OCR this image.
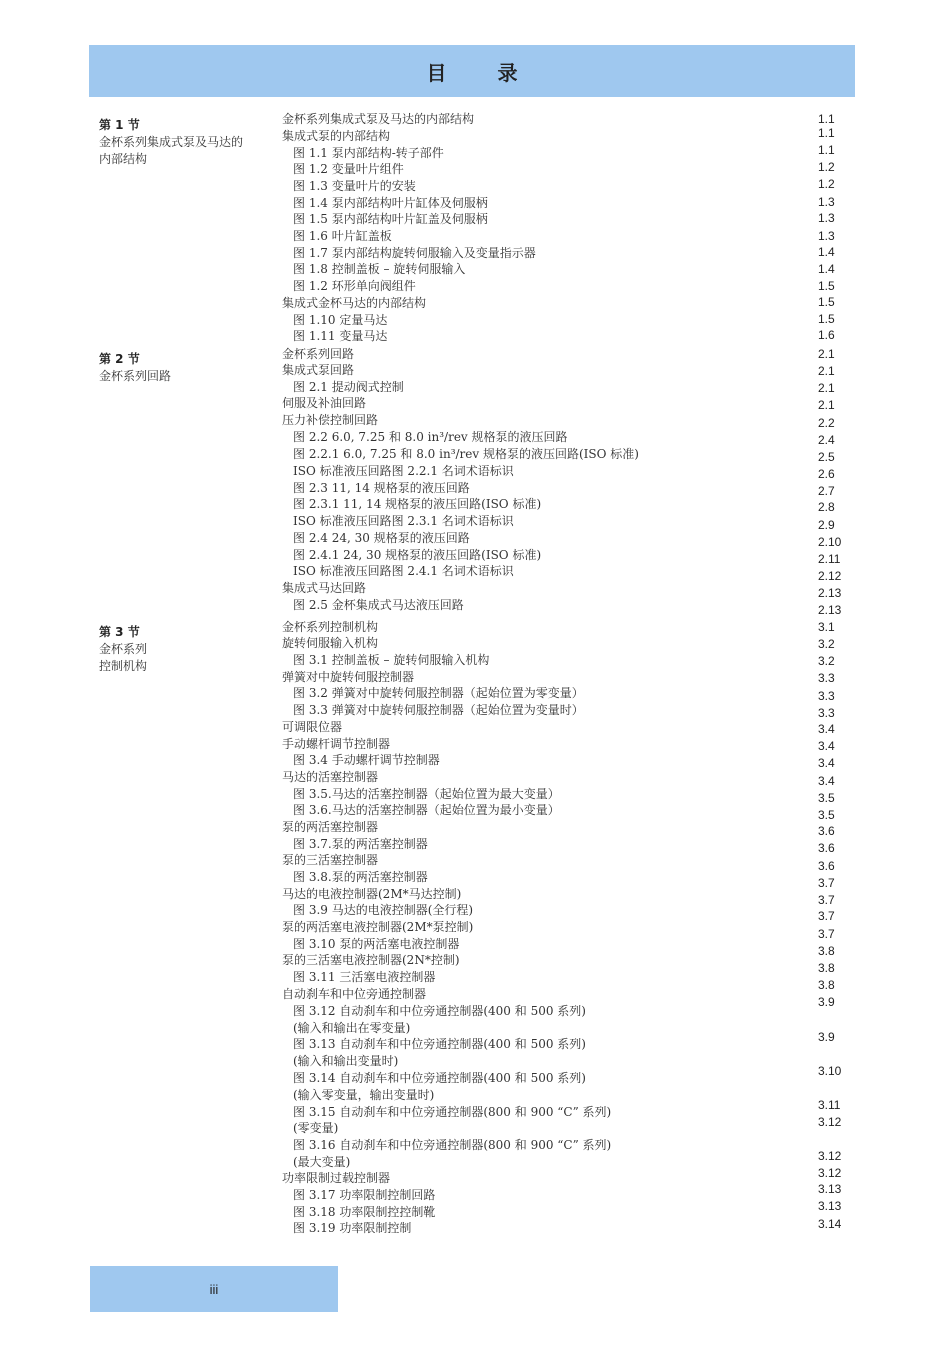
目 录
第 1 节
金杯系列集成式泵及马达的内部结构
第 2 节
金杯系列回路
第 3 节
金杯系列
控制机构
金杯系列集成式泵及马达的内部结构
集成式泵的内部结构
图 1.1 泵内部结构-转子部件
图 1.2 变量叶片组件
图 1.3 变量叶片的安装
图 1.4 泵内部结构叶片缸体及伺服柄
图 1.5 泵内部结构叶片缸盖及伺服柄
图 1.6 叶片缸盖板
图 1.7 泵内部结构旋转伺服输入及变量指示器
图 1.8 控制盖板 – 旋转伺服输入
图 1.2 环形单向阀组件
集成式金杯马达的内部结构
图 1.10 定量马达
图 1.11 变量马达
金杯系列回路
集成式泵回路
图 2.1 提动阀式控制
伺服及补油回路
压力补偿控制回路
图 2.2 6.0, 7.25 和 8.0 in³/rev 规格泵的液压回路
图 2.2.1 6.0, 7.25 和 8.0 in³/rev 规格泵的液压回路(ISO 标准)
ISO 标准液压回路图 2.2.1 名词术语标识
图 2.3 11, 14 规格泵的液压回路
图 2.3.1 11, 14 规格泵的液压回路(ISO 标准)
ISO 标准液压回路图 2.3.1 名词术语标识
图 2.4 24, 30 规格泵的液压回路
图 2.4.1 24, 30 规格泵的液压回路(ISO 标准)
ISO 标准液压回路图 2.4.1 名词术语标识
集成式马达回路
图 2.5 金杯集成式马达液压回路
金杯系列控制机构
旋转伺服输入机构
图 3.1 控制盖板 – 旋转伺服输入机构
弹簧对中旋转伺服控制器
图 3.2 弹簧对中旋转伺服控制器（起始位置为零变量）
图 3.3 弹簧对中旋转伺服控制器（起始位置为变量时）
可调限位器
手动螺杆调节控制器
图 3.4 手动螺杆调节控制器
马达的活塞控制器
图 3.5.马达的活塞控制器（起始位置为最大变量）
图 3.6.马达的活塞控制器（起始位置为最小变量）
泵的两活塞控制器
图 3.7.泵的两活塞控制器
泵的三活塞控制器
图 3.8.泵的两活塞控制器
马达的电液控制器(2M*马达控制)
图 3.9 马达的电液控制器(全行程)
泵的两活塞电液控制器(2M*泵控制)
图 3.10 泵的两活塞电液控制器
泵的三活塞电液控制器(2N*控制)
图 3.11 三活塞电液控制器
自动刹车和中位旁通控制器
图 3.12 自动刹车和中位旁通控制器(400 和 500 系列)
(输入和输出在零变量)
图 3.13 自动刹车和中位旁通控制器(400 和 500 系列)
(输入和输出变量时)
图 3.14 自动刹车和中位旁通控制器(400 和 500 系列)
(输入零变量，输出变量时)
图 3.15 自动刹车和中位旁通控制器(800 和 900 “C” 系列)
(零变量)
图 3.16 自动刹车和中位旁通控制器(800 和 900 “C” 系列)
(最大变量)
功率限制过载控制器
图 3.17 功率限制控制回路
图 3.18 功率限制控控制靴
图 3.19 功率限制控制
1.1
1.1
1.1
1.2
1.2
1.3
1.3
1.3
1.4
1.4
1.5
1.5
1.5
1.6
2.1
2.1
2.1
2.1
2.2
2.4
2.5
2.6
2.7
2.8
2.9
2.10
2.11
2.12
2.13
2.13
3.1
3.2
3.2
3.3
3.3
3.3
3.4
3.4
3.4
3.4
3.5
3.5
3.6
3.6
3.6
3.7
3.7
3.7
3.7
3.8
3.8
3.8
3.9
3.9
3.10
3.11
3.12
3.12
3.12
3.13
3.13
3.14
iii
